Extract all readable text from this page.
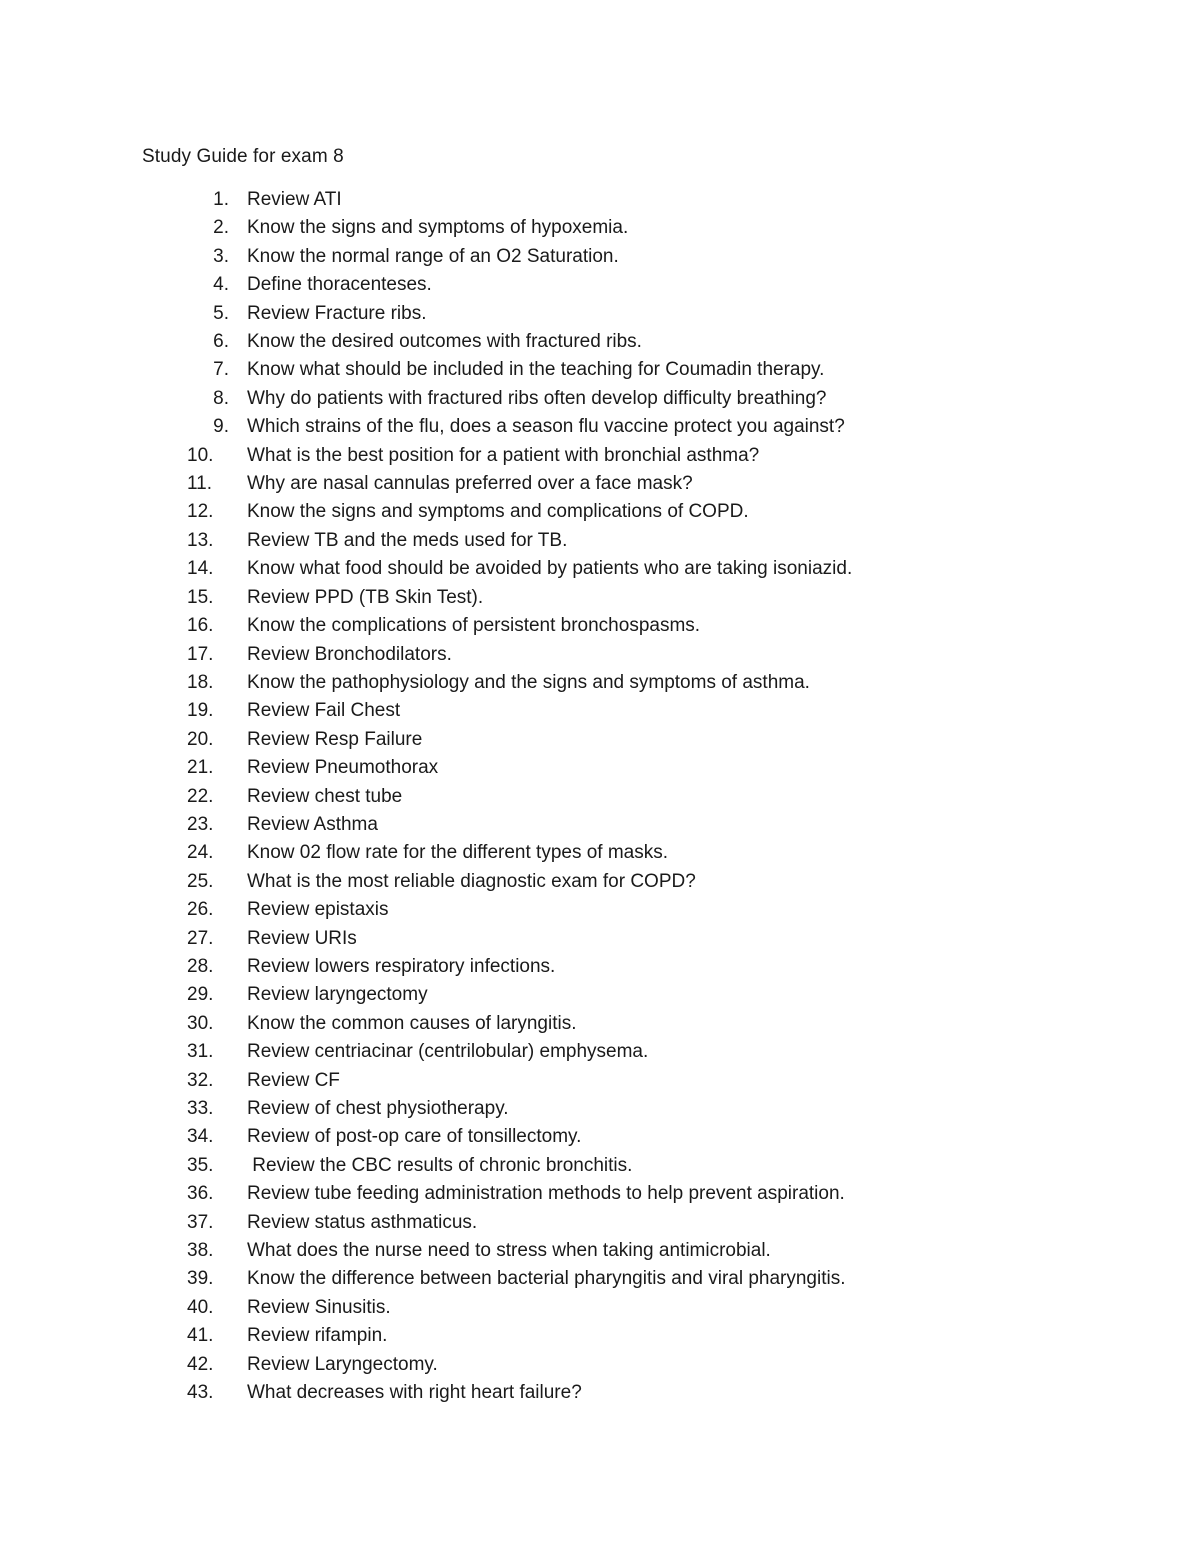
Study Guide for exam 8
1. Review ATI
2. Know the signs and symptoms of hypoxemia.
3. Know the normal range of an O2 Saturation.
4. Define thoracenteses.
5. Review Fracture ribs.
6. Know the desired outcomes with fractured ribs.
7. Know what should be included in the teaching for Coumadin therapy.
8. Why do patients with fractured ribs often develop difficulty breathing?
9. Which strains of the flu, does a season flu vaccine protect you against?
10. What is the best position for a patient with bronchial asthma?
11. Why are nasal cannulas preferred over a face mask?
12. Know the signs and symptoms and complications of COPD.
13. Review TB and the meds used for TB.
14. Know what food should be avoided by patients who are taking isoniazid.
15. Review PPD (TB Skin Test).
16. Know the complications of persistent bronchospasms.
17. Review Bronchodilators.
18. Know the pathophysiology and the signs and symptoms of asthma.
19. Review Fail Chest
20. Review Resp Failure
21. Review Pneumothorax
22. Review chest tube
23. Review Asthma
24. Know 02 flow rate for the different types of masks.
25. What is the most reliable diagnostic exam for COPD?
26. Review epistaxis
27. Review URIs
28. Review lowers respiratory infections.
29. Review laryngectomy
30. Know the common causes of laryngitis.
31. Review centriacinar (centrilobular) emphysema.
32. Review CF
33. Review of chest physiotherapy.
34. Review of post-op care of tonsillectomy.
35. Review the CBC results of chronic bronchitis.
36. Review tube feeding administration methods to help prevent aspiration.
37. Review status asthmaticus.
38. What does the nurse need to stress when taking antimicrobial.
39. Know the difference between bacterial pharyngitis and viral pharyngitis.
40. Review Sinusitis.
41. Review rifampin.
42. Review Laryngectomy.
43. What decreases with right heart failure?
